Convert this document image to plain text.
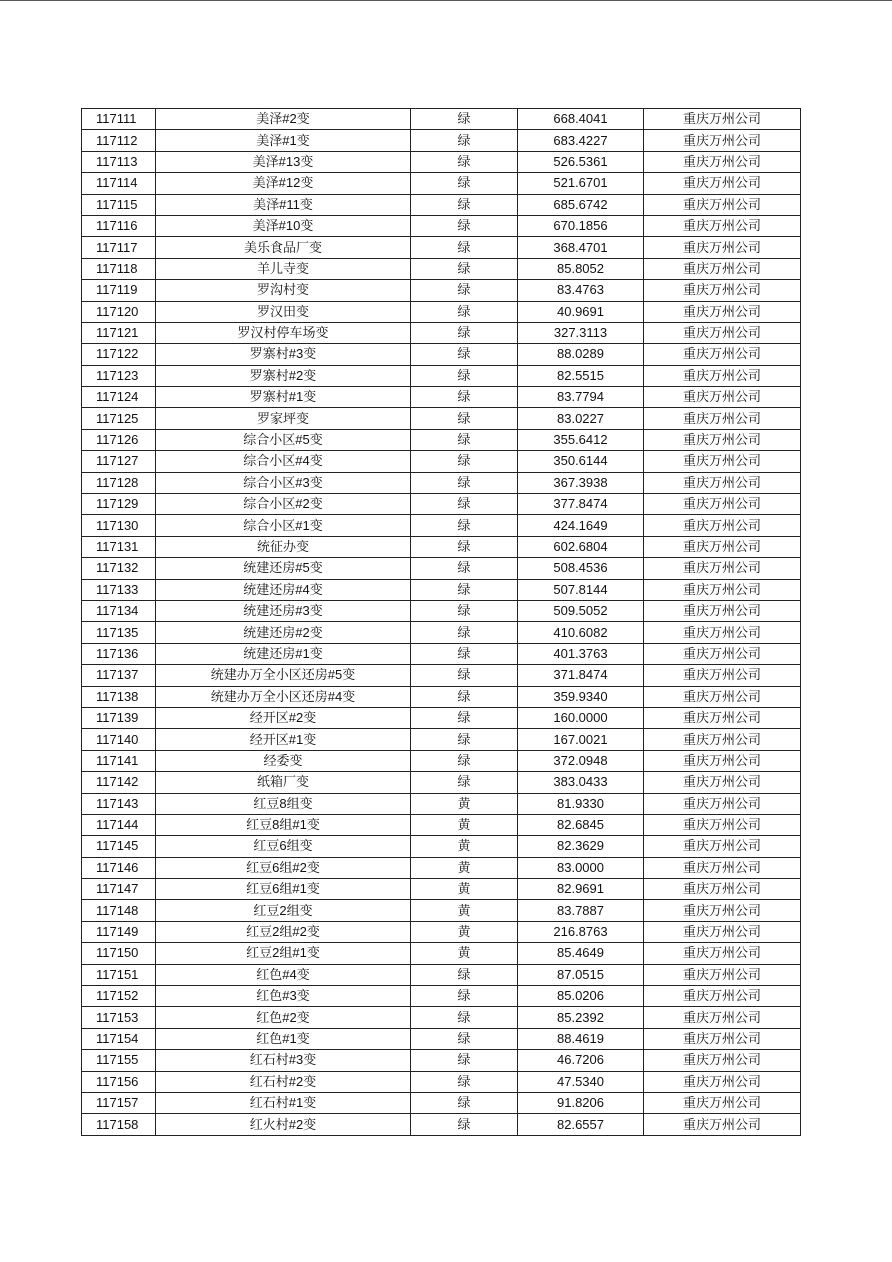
117111	美泽#2变	绿	668.4041	重庆万州公司
117112	美泽#1变	绿	683.4227	重庆万州公司
117113	美泽#13变	绿	526.5361	重庆万州公司
117114	美泽#12变	绿	521.6701	重庆万州公司
117115	美泽#11变	绿	685.6742	重庆万州公司
117116	美泽#10变	绿	670.1856	重庆万州公司
117117	美乐食品厂变	绿	368.4701	重庆万州公司
117118	羊儿寺变	绿	85.8052	重庆万州公司
117119	罗沟村变	绿	83.4763	重庆万州公司
117120	罗汉田变	绿	40.9691	重庆万州公司
117121	罗汉村停车场变	绿	327.3113	重庆万州公司
117122	罗寨村#3变	绿	88.0289	重庆万州公司
117123	罗寨村#2变	绿	82.5515	重庆万州公司
117124	罗寨村#1变	绿	83.7794	重庆万州公司
117125	罗家坪变	绿	83.0227	重庆万州公司
117126	综合小区#5变	绿	355.6412	重庆万州公司
117127	综合小区#4变	绿	350.6144	重庆万州公司
117128	综合小区#3变	绿	367.3938	重庆万州公司
117129	综合小区#2变	绿	377.8474	重庆万州公司
117130	综合小区#1变	绿	424.1649	重庆万州公司
117131	统征办变	绿	602.6804	重庆万州公司
117132	统建还房#5变	绿	508.4536	重庆万州公司
117133	统建还房#4变	绿	507.8144	重庆万州公司
117134	统建还房#3变	绿	509.5052	重庆万州公司
117135	统建还房#2变	绿	410.6082	重庆万州公司
117136	统建还房#1变	绿	401.3763	重庆万州公司
117137	统建办万全小区还房#5变	绿	371.8474	重庆万州公司
117138	统建办万全小区还房#4变	绿	359.9340	重庆万州公司
117139	经开区#2变	绿	160.0000	重庆万州公司
117140	经开区#1变	绿	167.0021	重庆万州公司
117141	经委变	绿	372.0948	重庆万州公司
117142	纸箱厂变	绿	383.0433	重庆万州公司
117143	红豆8组变	黄	81.9330	重庆万州公司
117144	红豆8组#1变	黄	82.6845	重庆万州公司
117145	红豆6组变	黄	82.3629	重庆万州公司
117146	红豆6组#2变	黄	83.0000	重庆万州公司
117147	红豆6组#1变	黄	82.9691	重庆万州公司
117148	红豆2组变	黄	83.7887	重庆万州公司
117149	红豆2组#2变	黄	216.8763	重庆万州公司
117150	红豆2组#1变	黄	85.4649	重庆万州公司
117151	红色#4变	绿	87.0515	重庆万州公司
117152	红色#3变	绿	85.0206	重庆万州公司
117153	红色#2变	绿	85.2392	重庆万州公司
117154	红色#1变	绿	88.4619	重庆万州公司
117155	红石村#3变	绿	46.7206	重庆万州公司
117156	红石村#2变	绿	47.5340	重庆万州公司
117157	红石村#1变	绿	91.8206	重庆万州公司
117158	红火村#2变	绿	82.6557	重庆万州公司
